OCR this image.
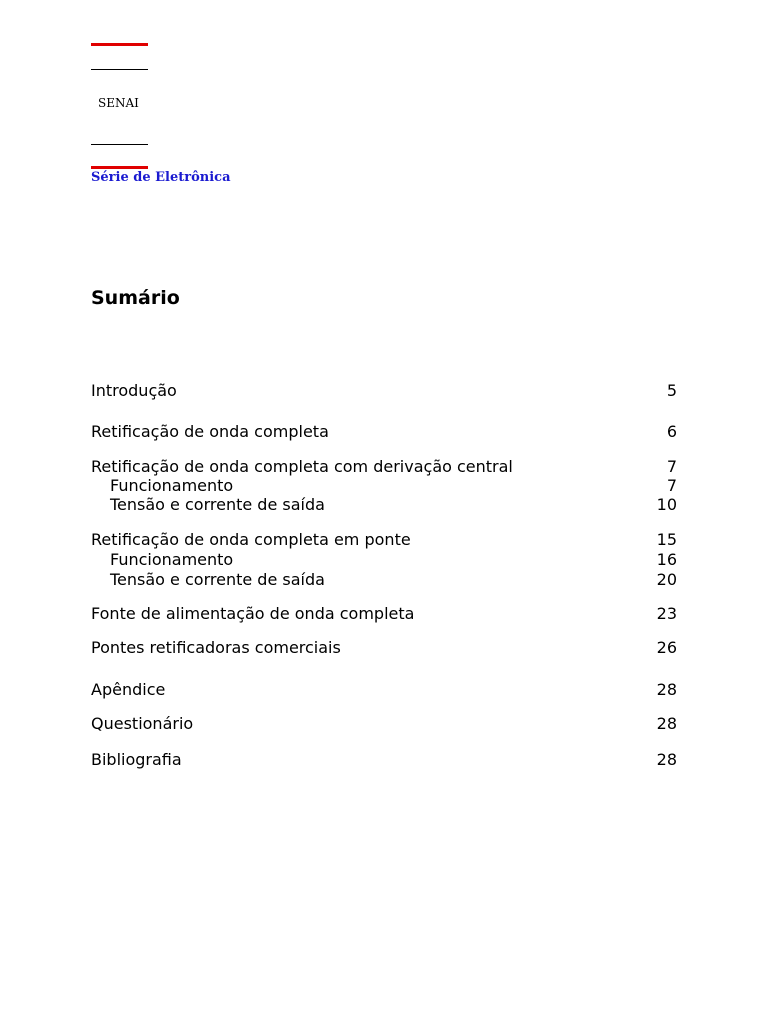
SENAI
Série de Eletrônica
Sumário
Introdução	5
Retificação de onda completa	6
Retificação de onda completa com derivação central	7
Funcionamento	7
Tensão e corrente de saída	10
Retificação de onda completa em ponte	15
Funcionamento	16
Tensão e corrente de saída	20
Fonte de alimentação de onda completa	23
Pontes retificadoras comerciais	26
Apêndice	28
Questionário	28
Bibliografia	28
